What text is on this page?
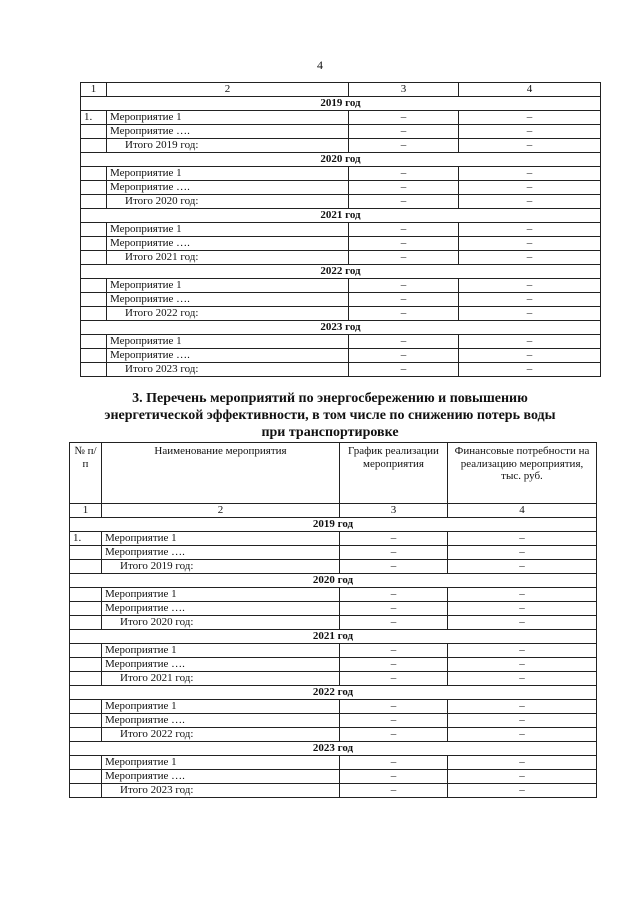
4
1	2	3	4
2019 год			
1.	Мероприятие 1	–	–
	Мероприятие ….	–	–
	Итого 2019 год:	–	–
2020 год			
	Мероприятие 1	–	–
	Мероприятие ….	–	–
	Итого 2020 год:	–	–
2021 год			
	Мероприятие 1	–	–
	Мероприятие ….	–	–
	Итого 2021 год:	–	–
2022 год			
	Мероприятие 1	–	–
	Мероприятие ….	–	–
	Итого 2022 год:	–	–
2023 год			
	Мероприятие 1	–	–
	Мероприятие ….	–	–
	Итого 2023 год:	–	–
3. Перечень мероприятий по энергосбережению и повышению
энергетической эффективности, в том числе по снижению потерь воды
при транспортировке
№ п/п	Наименование мероприятия	График реализации мероприятия	Финансовые потребности на реализацию мероприятия, тыс. руб.
1	2	3	4
2019 год			
1.	Мероприятие 1	–	–
	Мероприятие ….	–	–
	Итого 2019 год:	–	–
2020 год			
	Мероприятие 1	–	–
	Мероприятие ….	–	–
	Итого 2020 год:	–	–
2021 год			
	Мероприятие 1	–	–
	Мероприятие ….	–	–
	Итого 2021 год:	–	–
2022 год			
	Мероприятие 1	–	–
	Мероприятие ….	–	–
	Итого 2022 год:	–	–
2023 год			
	Мероприятие 1	–	–
	Мероприятие ….	–	–
	Итого 2023 год:	–	–
